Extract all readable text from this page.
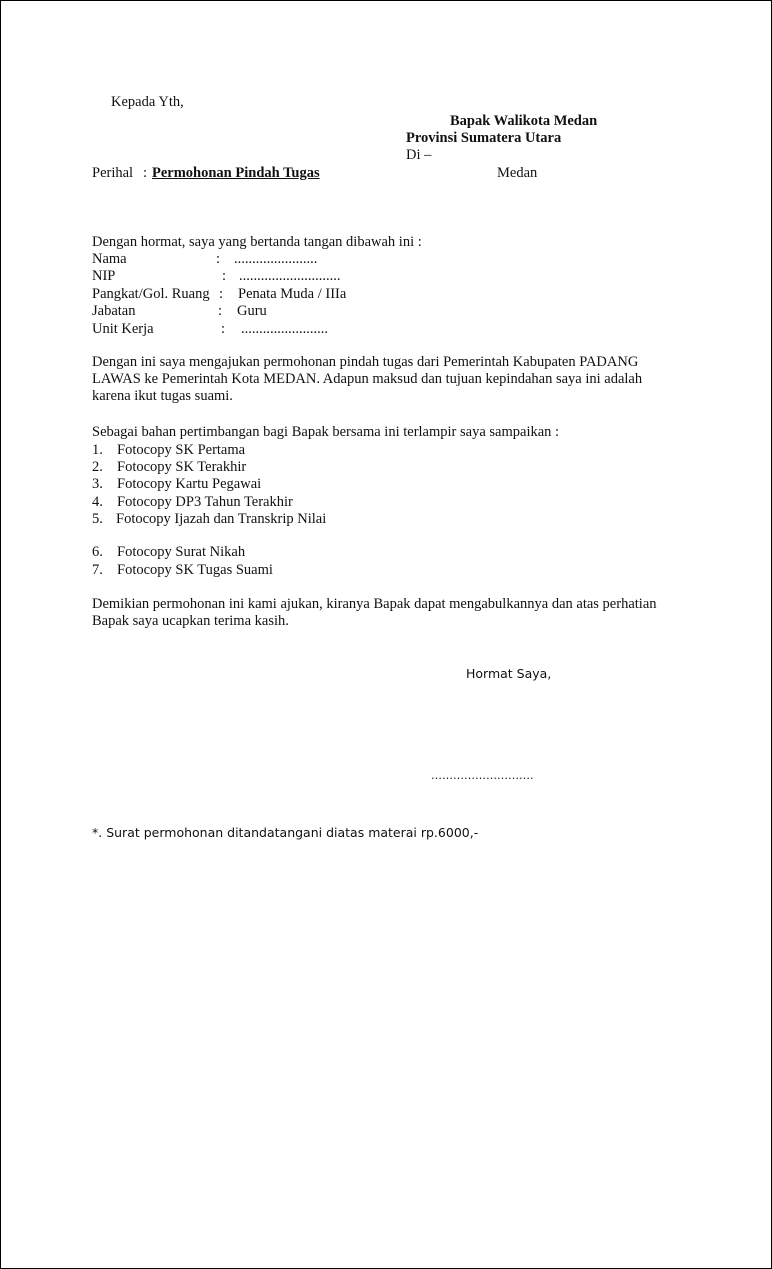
Kepada Yth,
Bapak Walikota Medan
Provinsi Sumatera Utara
Di –
Perihal : Permohonan Pindah Tugas	Medan
Dengan hormat, saya yang bertanda tangan dibawah ini :
Nama	: .......................
NIP	: ............................
Pangkat/Gol. Ruang : Penata Muda / IIIa
Jabatan	: Guru
Unit Kerja	: ........................
Dengan ini saya mengajukan permohonan pindah tugas dari Pemerintah Kabupaten PADANG LAWAS ke Pemerintah Kota MEDAN. Adapun maksud dan tujuan kepindahan saya ini adalah karena ikut tugas suami.
Sebagai bahan pertimbangan bagi Bapak bersama ini terlampir saya sampaikan :
1. Fotocopy SK Pertama
2. Fotocopy SK Terakhir
3. Fotocopy Kartu Pegawai
4. Fotocopy DP3 Tahun Terakhir
5. Fotocopy Ijazah dan Transkrip Nilai
6. Fotocopy Surat Nikah
7. Fotocopy SK Tugas Suami
Demikian permohonan ini kami ajukan, kiranya Bapak dapat mengabulkannya dan atas perhatian Bapak saya ucapkan terima kasih.
Hormat Saya,
……………………….
*. Surat permohonan ditandatangani diatas materai rp.6000,-
